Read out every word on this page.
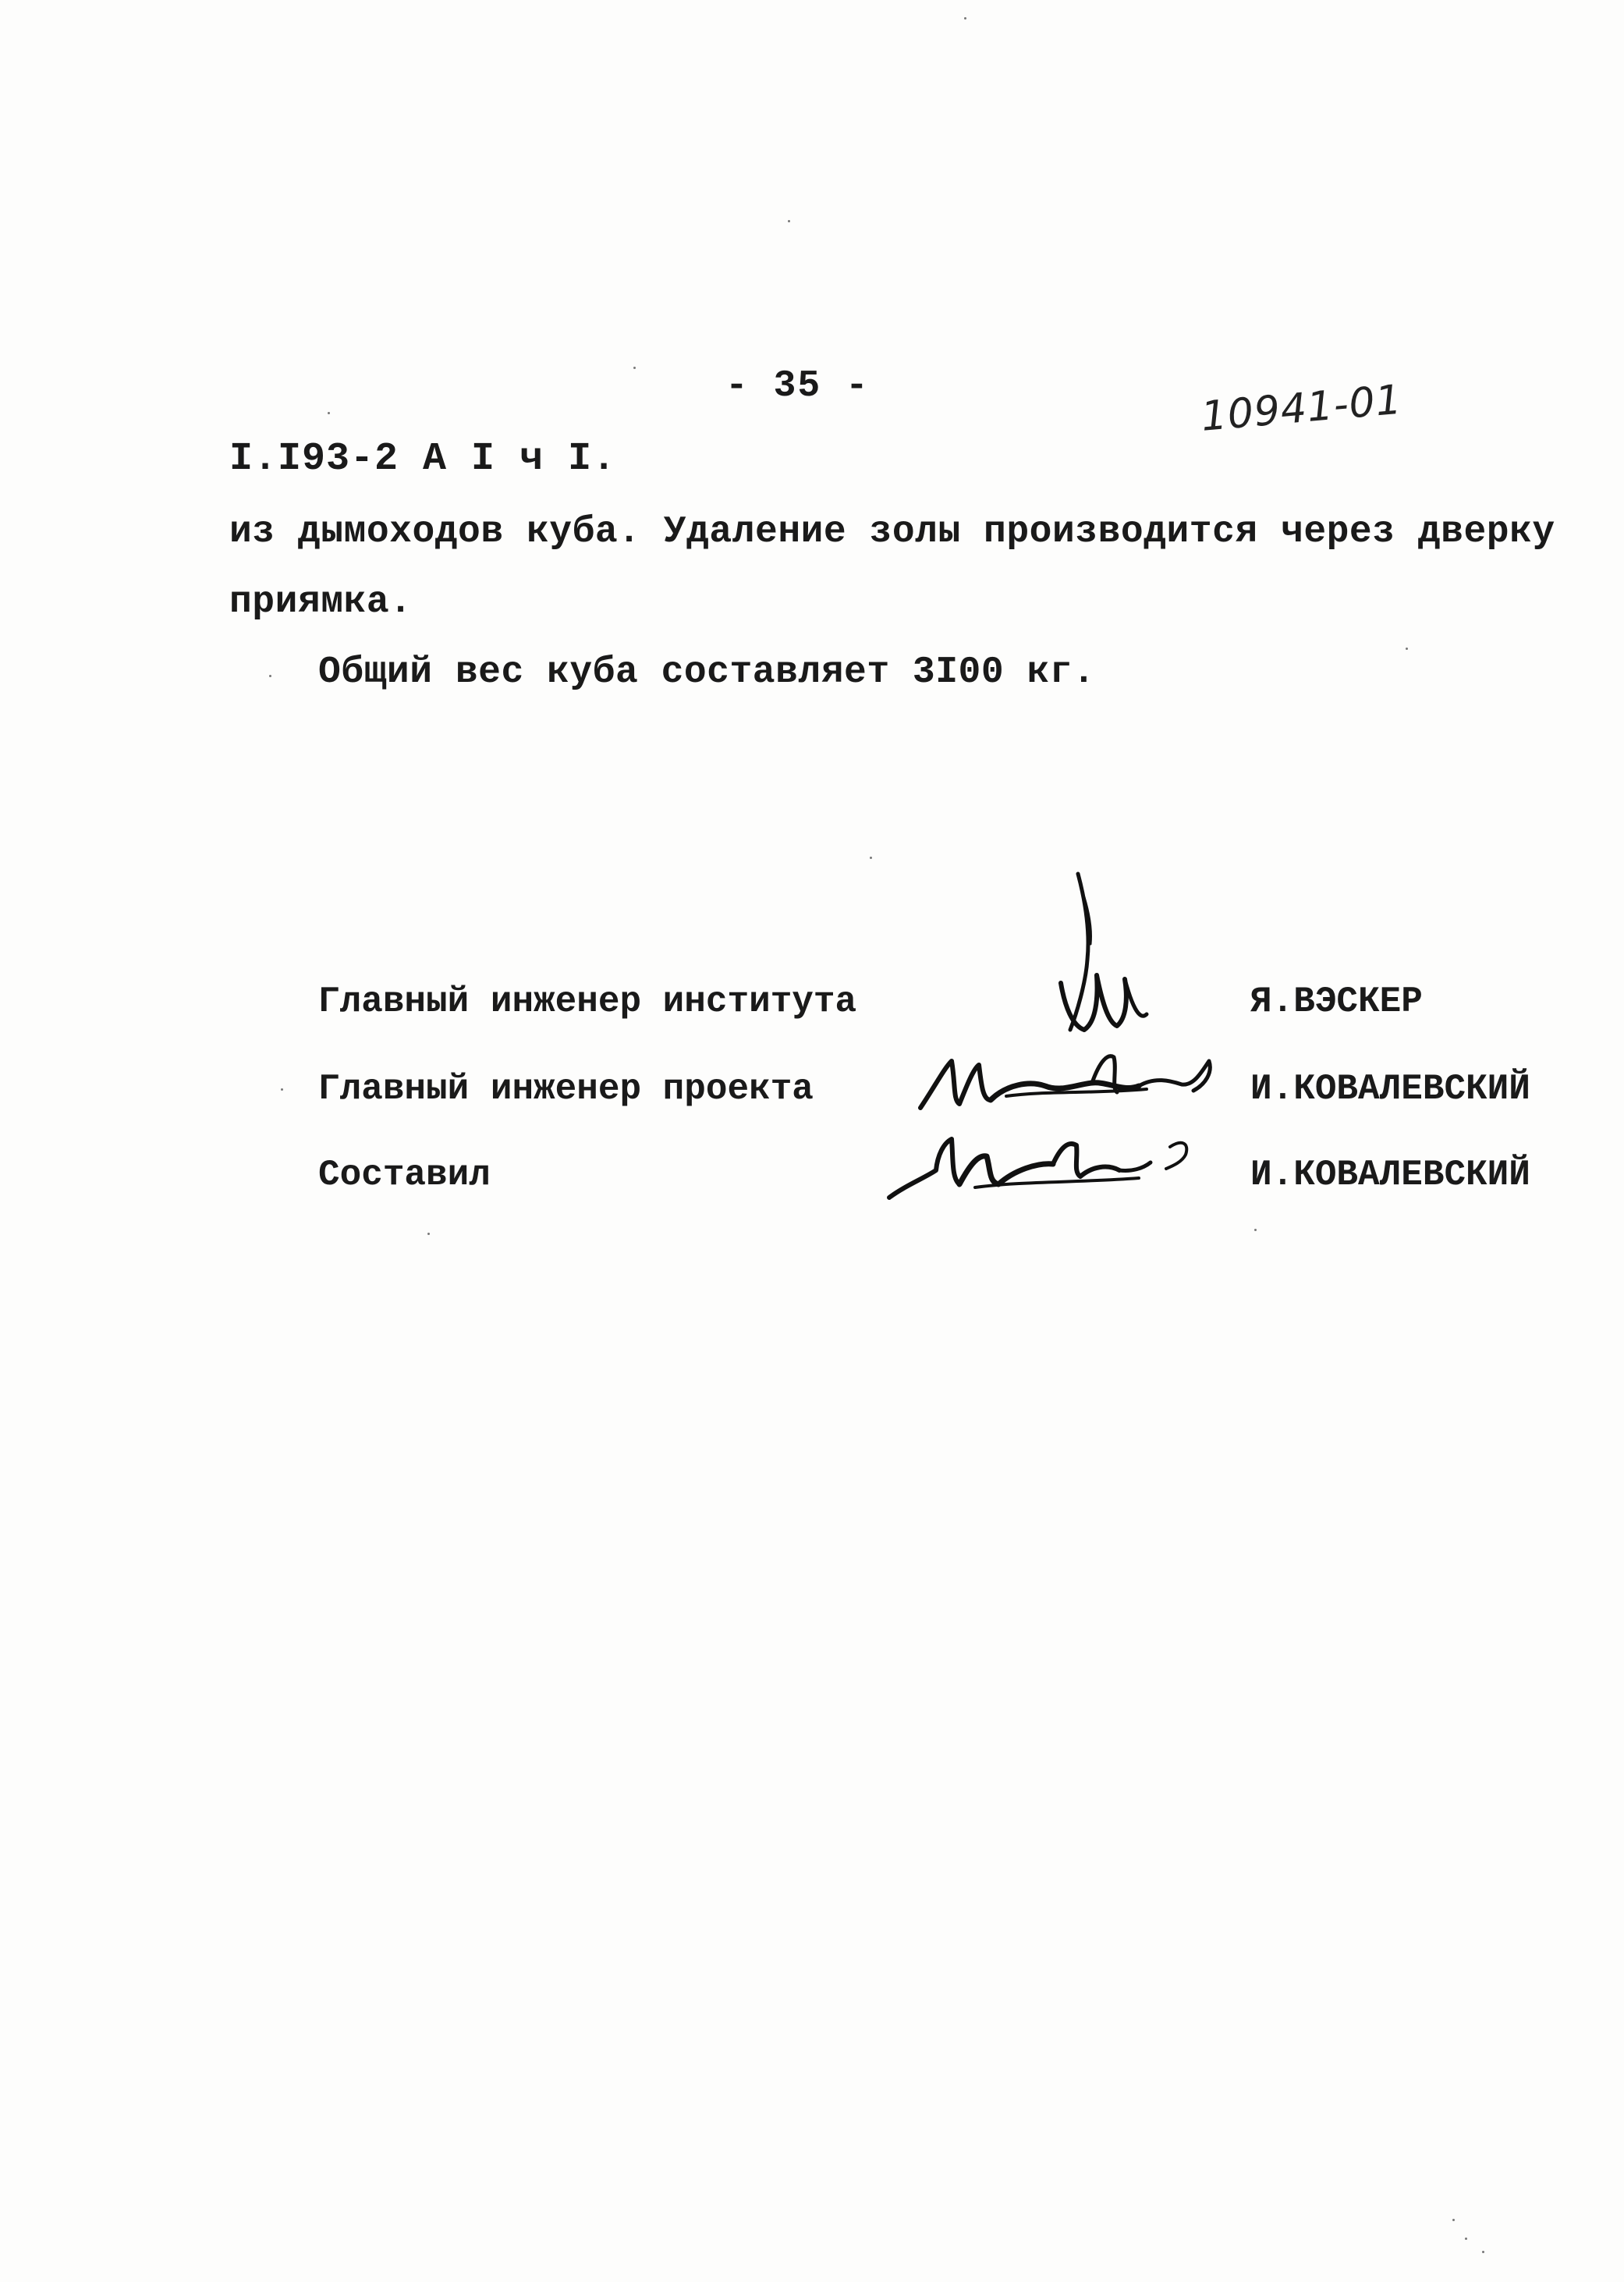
- 35 -	10941-01
I.I93-2 A I ч I.
из дымоходов куба. Удаление золы производится через дверку
приямка.
Общий вес куба составляет 3I00 кг.
Главный инженер института	Я.ВЭСКЕР
Главный инженер проекта	И.КОВАЛЕВСКИЙ
Составил	И.КОВАЛЕВСКИЙ
